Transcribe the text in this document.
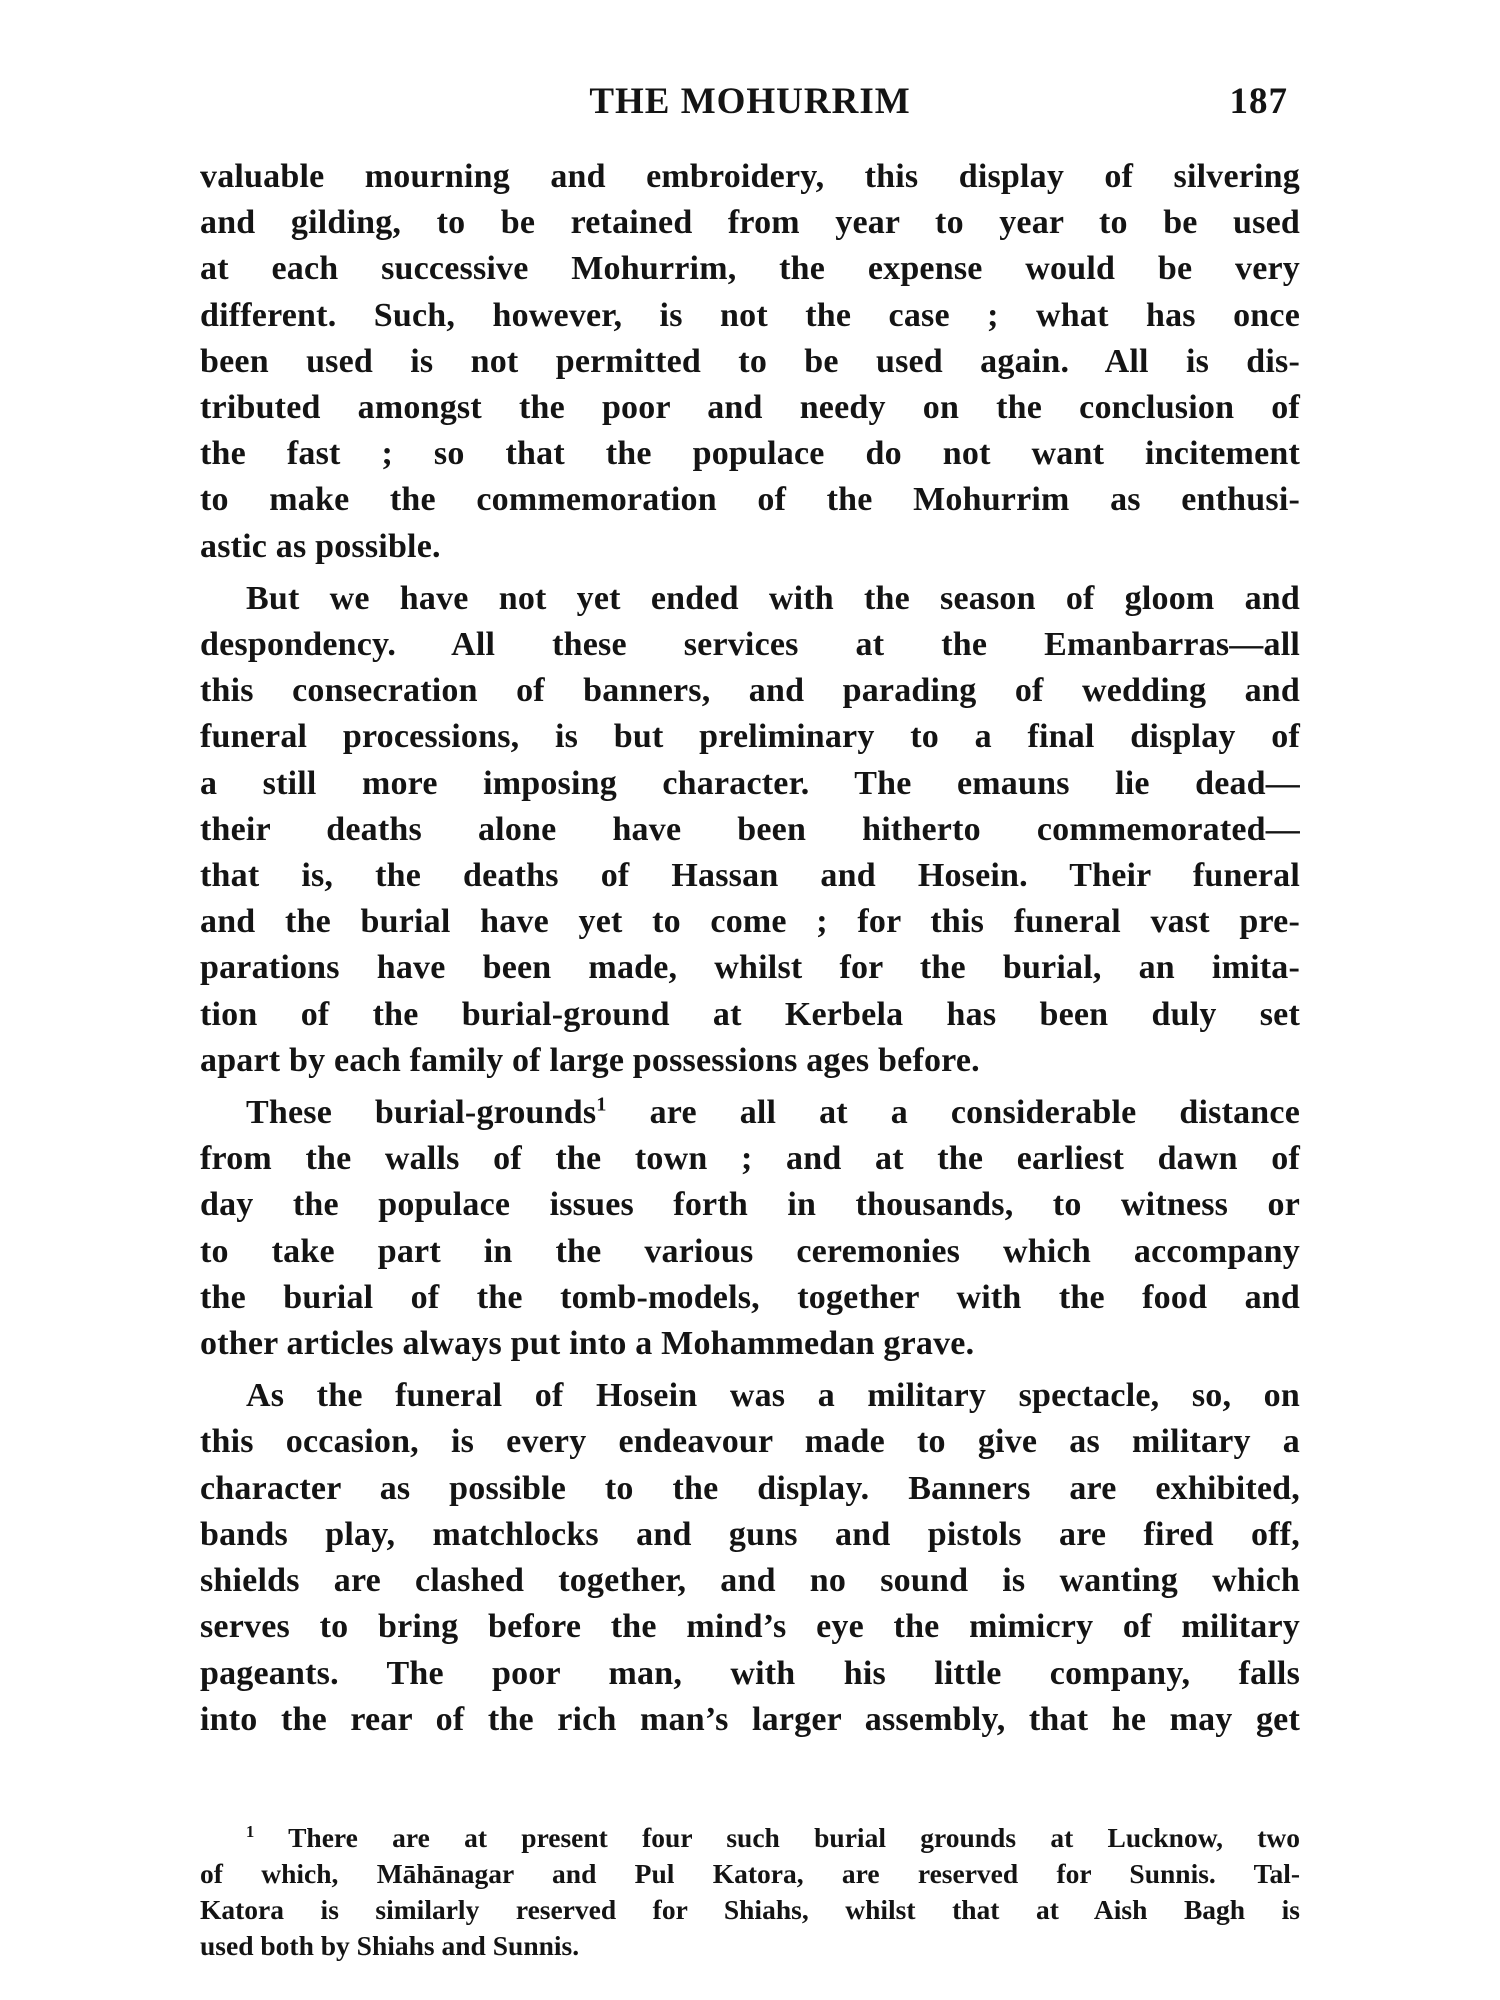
THE MOHURRIM	187

valuable mourning and embroidery, this display of silvering
and gilding, to be retained from year to year to be used
at each successive Mohurrim, the expense would be very
different. Such, however, is not the case ; what has once
been used is not permitted to be used again. All is dis-
tributed amongst the poor and needy on the conclusion of
the fast ; so that the populace do not want incitement
to make the commemoration of the Mohurrim as enthusi-
astic as possible.

But we have not yet ended with the season of gloom and
despondency. All these services at the Emanbarras—all
this consecration of banners, and parading of wedding and
funeral processions, is but preliminary to a final display of
a still more imposing character. The emauns lie dead—
their deaths alone have been hitherto commemorated—
that is, the deaths of Hassan and Hosein. Their funeral
and the burial have yet to come ; for this funeral vast pre-
parations have been made, whilst for the burial, an imita-
tion of the burial-ground at Kerbela has been duly set
apart by each family of large possessions ages before.

These burial-grounds$^1$ are all at a considerable distance
from the walls of the town ; and at the earliest dawn of
day the populace issues forth in thousands, to witness or
to take part in the various ceremonies which accompany
the burial of the tomb-models, together with the food and
other articles always put into a Mohammedan grave.

As the funeral of Hosein was a military spectacle, so, on
this occasion, is every endeavour made to give as military a
character as possible to the display. Banners are exhibited,
bands play, matchlocks and guns and pistols are fired off,
shields are clashed together, and no sound is wanting which
serves to bring before the mind’s eye the mimicry of military
pageants. The poor man, with his little company, falls
into the rear of the rich man’s larger assembly, that he may get

$^1$ There are at present four such burial grounds at Lucknow, two
of which, Māhānagar and Pul Katora, are reserved for Sunnis. Tal-
Katora is similarly reserved for Shiahs, whilst that at Aish Bagh is
used both by Shiahs and Sunnis.
